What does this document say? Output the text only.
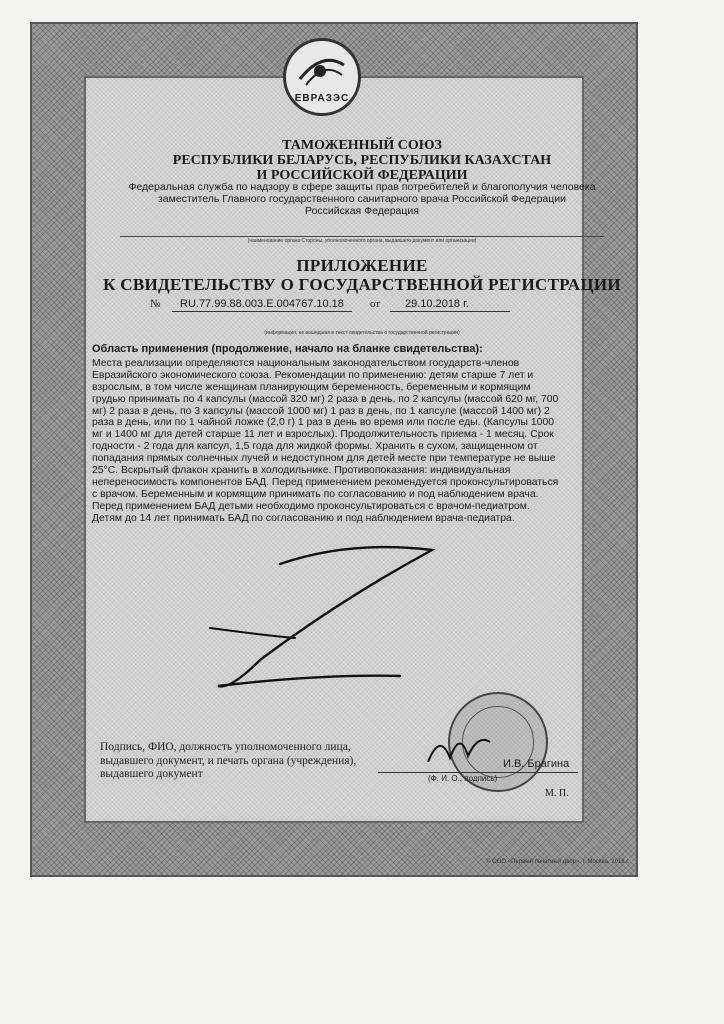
ЕВРАЗЭС
ТАМОЖЕННЫЙ СОЮЗ
РЕСПУБЛИКИ БЕЛАРУСЬ, РЕСПУБЛИКИ КАЗАХСТАН
И РОССИЙСКОЙ ФЕДЕРАЦИИ
Федеральная служба по надзору в сфере защиты прав потребителей и благополучия человека
заместитель Главного государственного санитарного врача Российской Федерации
Российская Федерация
(наименование органа Стороны, уполномоченного органа, выдавшего документ или организации)
ПРИЛОЖЕНИЕ
К СВИДЕТЕЛЬСТВУ О ГОСУДАРСТВЕННОЙ РЕГИСТРАЦИИ
№ RU.77.99.88.003.Е.004767.10.18 от 29.10.2018 г.
(информация, не вошедшая в текст свидетельства о государственной регистрации)
Область применения (продолжение, начало на бланке свидетельства):

Места реализации определяются национальным законодательством государств-членов Евразийского экономического союза. Рекомендации по применению: детям старше 7 лет и взрослым, в том числе женщинам планирующим беременность, беременным и кормящим грудью принимать по 4 капсулы (массой 320 мг) 2 раза в день, по 2 капсулы (массой 620 мг, 700 мг) 2 раза в день, по 3 капсулы (массой 1000 мг) 1 раз в день, по 1 капсуле (массой 1400 мг) 2 раза в день, или по 1 чайной ложке (2,0 г) 1 раз в день во время или после еды. (Капсулы 1000 мг и 1400 мг для детей старше 11 лет и взрослых). Продолжительность приема - 1 месяц. Срок годности - 2 года для капсул, 1,5 года для жидкой формы. Хранить в сухом, защищенном от попадания прямых солнечных лучей и недоступном для детей месте при температуре не выше 25°С. Вскрытый флакон хранить в холодильнике. Противопоказания: индивидуальная непереносимость компонентов БАД. Перед применением рекомендуется проконсультироваться с врачом. Беременным и кормящим принимать по согласованию и под наблюдением врача. Перед применением БАД детьми необходимо проконсультироваться с врачом-педиатром. Детям до 14 лет принимать БАД по согласованию и под наблюдением врача-педиатра.

Подпись, ФИО, должность уполномоченного лица, выдавшего документ, и печать органа (учреждения), выдавшего документ
И.В. Брагина
(Ф. И. О., подпись)
М. П.
© ООО «Первый печатный двор», г. Москва, 2018 г.
